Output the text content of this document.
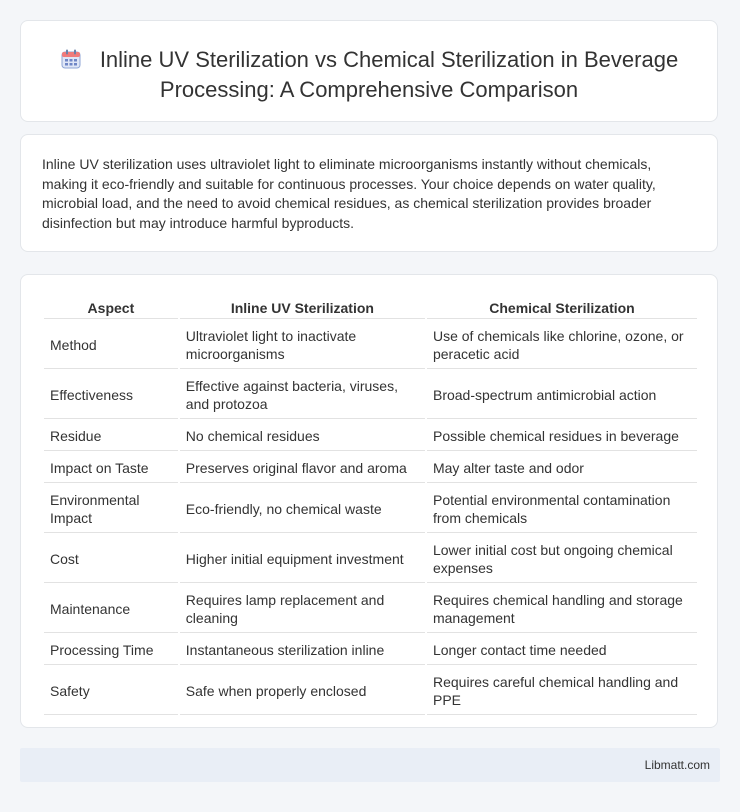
Inline UV Sterilization vs Chemical Sterilization in Beverage Processing: A Comprehensive Comparison

Inline UV sterilization uses ultraviolet light to eliminate microorganisms instantly without chemicals, making it eco-friendly and suitable for continuous processes. Your choice depends on water quality, microbial load, and the need to avoid chemical residues, as chemical sterilization provides broader disinfection but may introduce harmful byproducts.

Aspect	Inline UV Sterilization	Chemical Sterilization
Method	Ultraviolet light to inactivate microorganisms	Use of chemicals like chlorine, ozone, or peracetic acid
Effectiveness	Effective against bacteria, viruses, and protozoa	Broad-spectrum antimicrobial action
Residue	No chemical residues	Possible chemical residues in beverage
Impact on Taste	Preserves original flavor and aroma	May alter taste and odor
Environmental Impact	Eco-friendly, no chemical waste	Potential environmental contamination from chemicals
Cost	Higher initial equipment investment	Lower initial cost but ongoing chemical expenses
Maintenance	Requires lamp replacement and cleaning	Requires chemical handling and storage management
Processing Time	Instantaneous sterilization inline	Longer contact time needed
Safety	Safe when properly enclosed	Requires careful chemical handling and PPE
Libmatt.com
